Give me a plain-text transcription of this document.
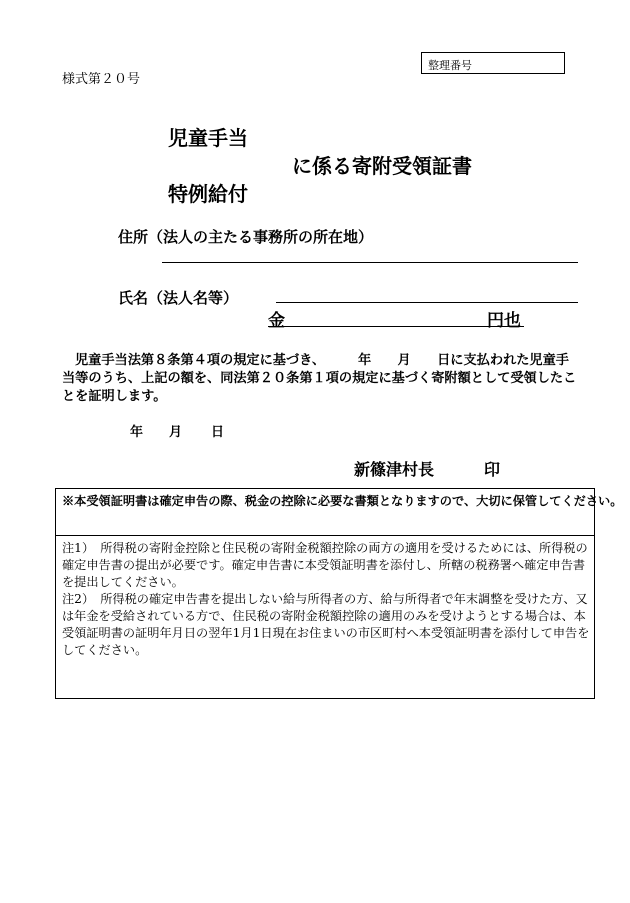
様式第２０号
整理番号
児童手当
に係る寄附受領証書
特例給付
住所（法人の主たる事務所の所在地）
氏名（法人名等）
金	円也
児童手当法第８条第４項の規定に基づき、　　　年　　月　　日に支払われた児童手当等のうち、上記の額を、同法第２０条第１項の規定に基づく寄附額として受領したことを証明します。
年 月 日
新篠津村長	印

※本受領証明書は確定申告の際、税金の控除に必要な書類となりますので、大切に保管してください。

注1）　所得税の寄附金控除と住民税の寄附金税額控除の両方の適用を受けるためには、所得税の確定申告書の提出が必要です。確定申告書に本受領証明書を添付し、所轄の税務署へ確定申告書を提出してください。
注2）　所得税の確定申告書を提出しない給与所得者の方、給与所得者で年末調整を受けた方、又は年金を受給されている方で、住民税の寄附金税額控除の適用のみを受けようとする場合は、本受領証明書の証明年月日の翌年1月1日現在お住まいの市区町村へ本受領証明書を添付して申告をしてください。
